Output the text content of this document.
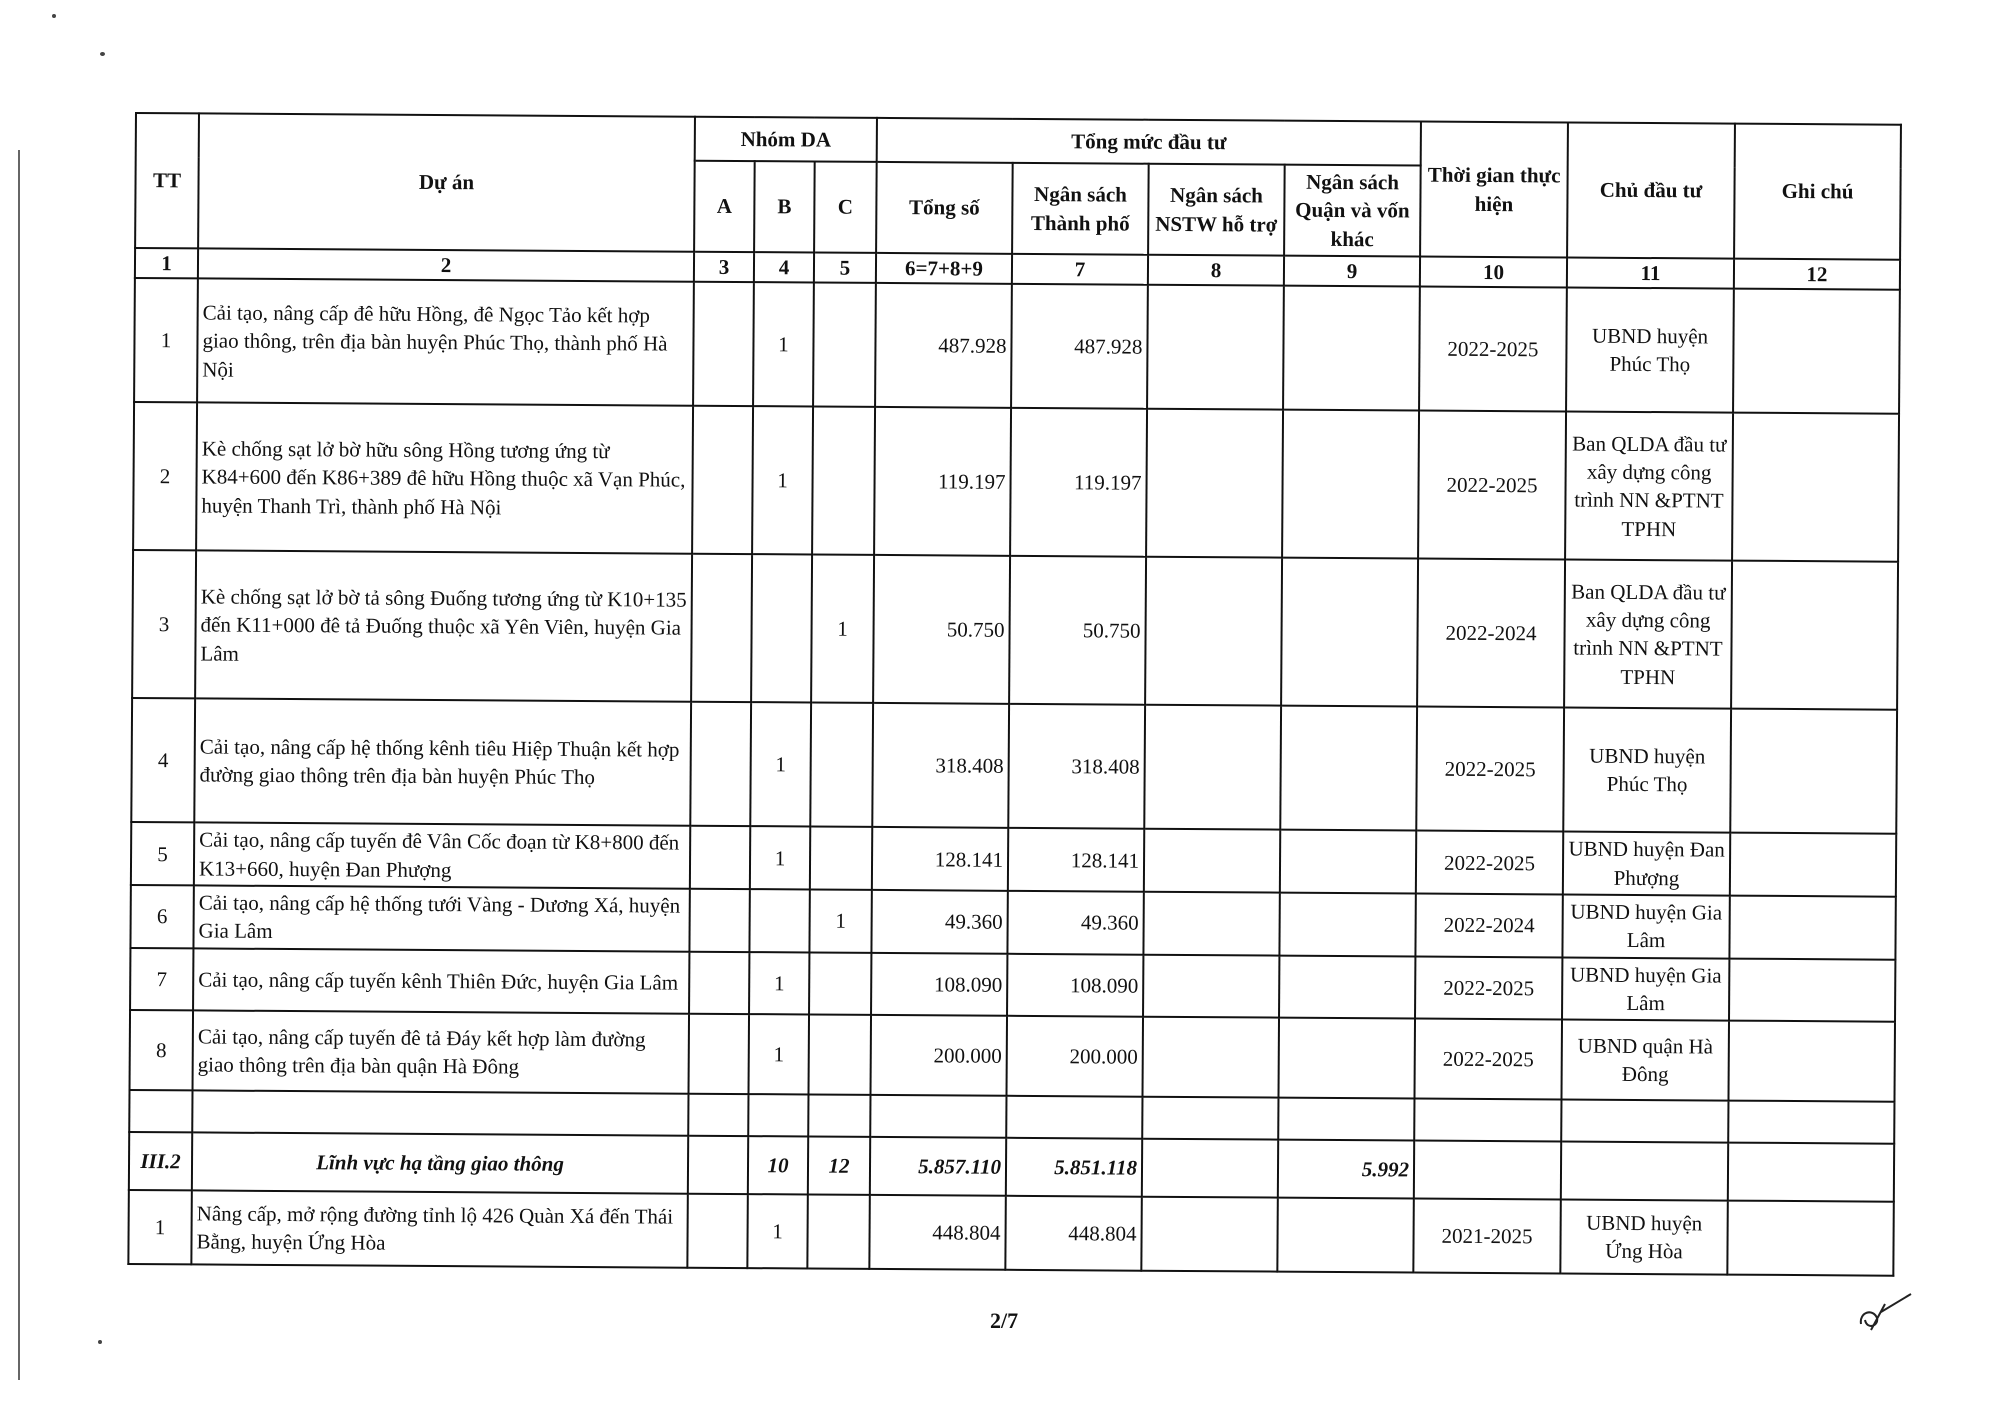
TT	Dự án	Nhóm DA			Tổng mức đầu tư				Thời gian thực hiện	Chủ đầu tư	Ghi chú
		A	B	C	Tổng số	Ngân sách Thành phố	Ngân sách NSTW hỗ trợ	Ngân sách Quận và vốn khác			
1	2	3	4	5	6=7+8+9	7	8	9	10	11	12
1	Cải tạo, nâng cấp đê hữu Hồng, đê Ngọc Tảo kết hợp giao thông, trên địa bàn huyện Phúc Thọ, thành phố Hà Nội		1		487.928	487.928			2022-2025	UBND huyện Phúc Thọ	
2	Kè chống sạt lở bờ hữu sông Hồng tương ứng từ K84+600 đến K86+389 đê hữu Hồng thuộc xã Vạn Phúc, huyện Thanh Trì, thành phố Hà Nội		1		119.197	119.197			2022-2025	Ban QLDA đầu tư xây dựng công trình NN &PTNT TPHN	
3	Kè chống sạt lở bờ tả sông Đuống tương ứng từ K10+135 đến K11+000 đê tả Đuống thuộc xã Yên Viên, huyện Gia Lâm			1	50.750	50.750			2022-2024	Ban QLDA đầu tư xây dựng công trình NN &PTNT TPHN	
4	Cải tạo, nâng cấp hệ thống kênh tiêu Hiệp Thuận kết hợp đường giao thông trên địa bàn huyện Phúc Thọ		1		318.408	318.408			2022-2025	UBND huyện Phúc Thọ	
5	Cải tạo, nâng cấp tuyến đê Vân Cốc đoạn từ K8+800 đến K13+660, huyện Đan Phượng		1		128.141	128.141			2022-2025	UBND huyện Đan Phượng	
6	Cải tạo, nâng cấp hệ thống tưới Vàng - Dương Xá, huyện Gia Lâm			1	49.360	49.360			2022-2024	UBND huyện Gia Lâm	
7	Cải tạo, nâng cấp tuyến kênh Thiên Đức, huyện Gia Lâm		1		108.090	108.090			2022-2025	UBND huyện Gia Lâm	
8	Cải tạo, nâng cấp tuyến đê tả Đáy kết hợp làm đường giao thông trên địa bàn quận Hà Đông		1		200.000	200.000			2022-2025	UBND quận Hà Đông	

III.2	Lĩnh vực hạ tầng giao thông		10	12	5.857.110	5.851.118		5.992			
1	Nâng cấp, mở rộng đường tỉnh lộ 426 Quàn Xá đến Thái Bằng, huyện Ứng Hòa		1		448.804	448.804			2021-2025	UBND huyện Ứng Hòa	
2/7
